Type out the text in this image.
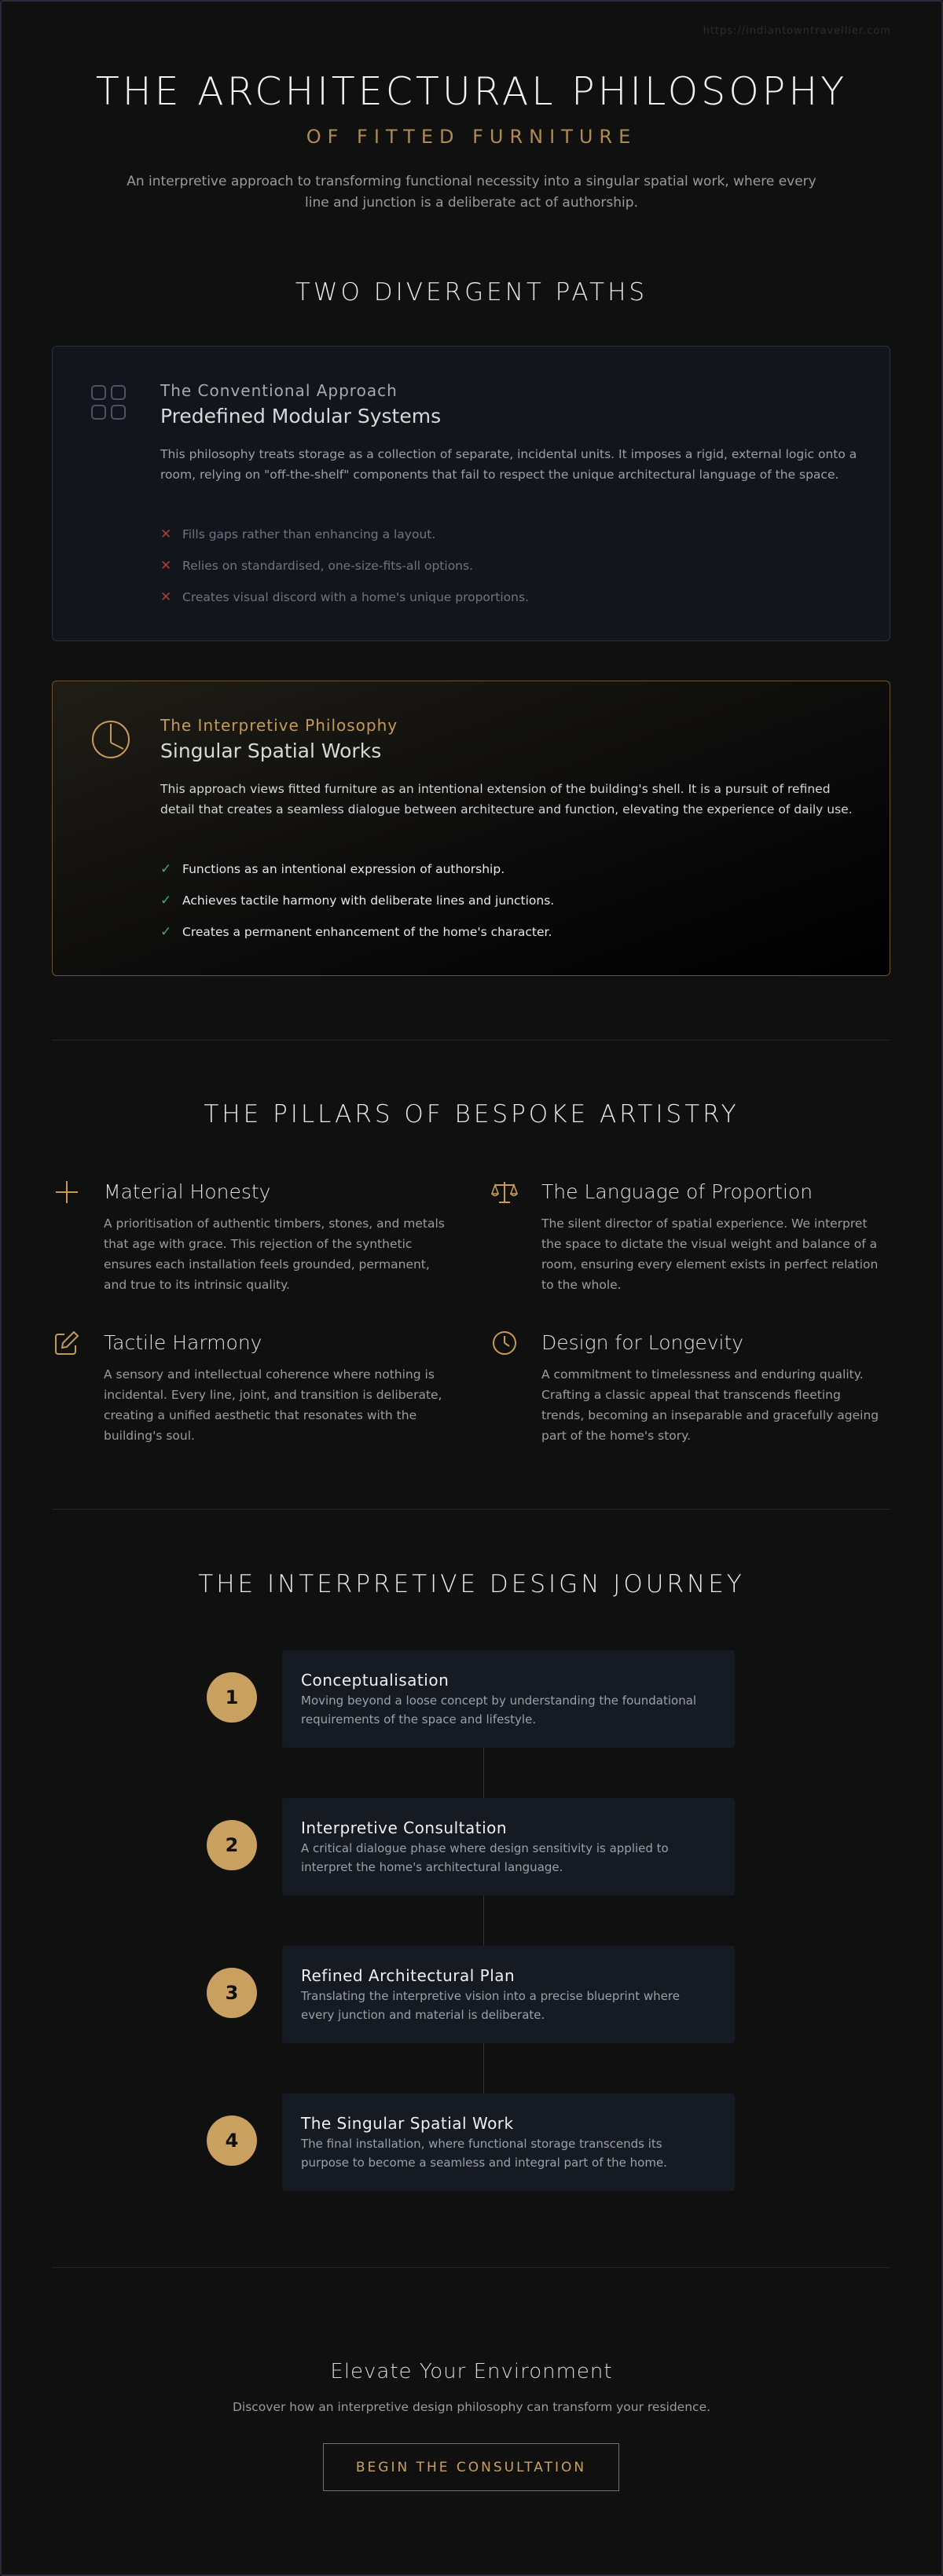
https://indiantowntravellier.com
THE ARCHITECTURAL PHILOSOPHY
OF FITTED FURNITURE

An interpretive approach to transforming functional necessity into a singular spatial work, where every line and junction is a deliberate act of authorship.

TWO DIVERGENT PATHS
The Conventional Approach
Predefined Modular Systems

This philosophy treats storage as a collection of separate, incidental units. It imposes a rigid, external logic onto a room, relying on "off-the-shelf" components that fail to respect the unique architectural language of the space.

✕ Fills gaps rather than enhancing a layout.
✕ Relies on standardised, one-size-fits-all options.
✕ Creates visual discord with a home's unique proportions.
The Interpretive Philosophy
Singular Spatial Works

This approach views fitted furniture as an intentional extension of the building's shell. It is a pursuit of refined detail that creates a seamless dialogue between architecture and function, elevating the experience of daily use.

✓ Functions as an intentional expression of authorship.
✓ Achieves tactile harmony with deliberate lines and junctions.
✓ Creates a permanent enhancement of the home's character.
THE PILLARS OF BESPOKE ARTISTRY
Material Honesty

A prioritisation of authentic timbers, stones, and metals that age with grace. This rejection of the synthetic ensures each installation feels grounded, permanent, and true to its intrinsic quality.

The Language of Proportion

The silent director of spatial experience. We interpret the space to dictate the visual weight and balance of a room, ensuring every element exists in perfect relation to the whole.

Tactile Harmony

A sensory and intellectual coherence where nothing is incidental. Every line, joint, and transition is deliberate, creating a unified aesthetic that resonates with the building's soul.

Design for Longevity

A commitment to timelessness and enduring quality. Crafting a classic appeal that transcends fleeting trends, becoming an inseparable and gracefully ageing part of the home's story.

THE INTERPRETIVE DESIGN JOURNEY
1
Conceptualisation

Moving beyond a loose concept by understanding the foundational requirements of the space and lifestyle.

2
Interpretive Consultation

A critical dialogue phase where design sensitivity is applied to interpret the home's architectural language.

3
Refined Architectural Plan

Translating the interpretive vision into a precise blueprint where every junction and material is deliberate.

4
The Singular Spatial Work

The final installation, where functional storage transcends its purpose to become a seamless and integral part of the home.

Elevate Your Environment

Discover how an interpretive design philosophy can transform your residence.

BEGIN THE CONSULTATION
